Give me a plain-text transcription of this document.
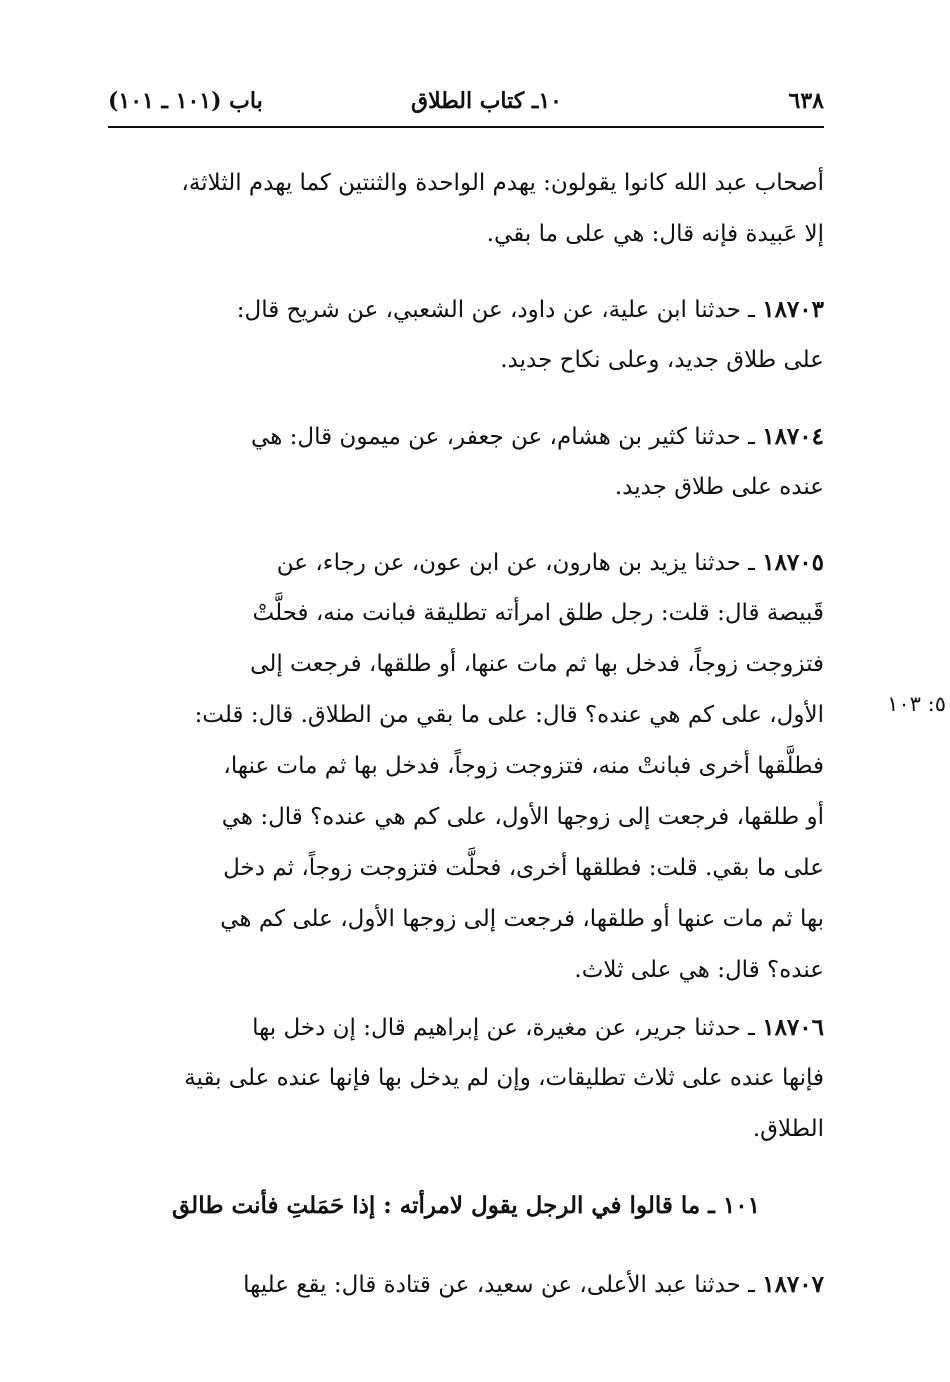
٦٣٨
١٠ـ كتاب الطلاق
باب (١٠١ ـ ١٠١)
٥: ١٠٣
أصحاب عبد الله كانوا يقولون: يهدم الواحدة والثنتين كما يهدم الثلاثة،
إلا عَبيدة فإنه قال: هي على ما بقي.
١٨٧٠٣ ـ حدثنا ابن علية، عن داود، عن الشعبي، عن شريح قال:
على طلاق جديد، وعلى نكاح جديد.
١٨٧٠٤ ـ حدثنا كثير بن هشام، عن جعفر، عن ميمون قال: هي
عنده على طلاق جديد.
١٨٧٠٥ ـ حدثنا يزيد بن هارون، عن ابن عون، عن رجاء، عن
قَبيصة قال: قلت: رجل طلق امرأته تطليقة فبانت منه، فحلَّتْ
فتزوجت زوجاً، فدخل بها ثم مات عنها، أو طلقها، فرجعت إلى
الأول، على كم هي عنده؟ قال: على ما بقي من الطلاق. قال: قلت:
فطلَّقها أخرى فبانتْ منه، فتزوجت زوجاً، فدخل بها ثم مات عنها،
أو طلقها، فرجعت إلى زوجها الأول، على كم هي عنده؟ قال: هي
على ما بقي. قلت: فطلقها أخرى، فحلَّت فتزوجت زوجاً، ثم دخل
بها ثم مات عنها أو طلقها، فرجعت إلى زوجها الأول، على كم هي
عنده؟ قال: هي على ثلاث.
١٨٧٠٦ ـ حدثنا جرير، عن مغيرة، عن إبراهيم قال: إن دخل بها
فإنها عنده على ثلاث تطليقات، وإن لم يدخل بها فإنها عنده على بقية
الطلاق.
١٠١ ـ ما قالوا في الرجل يقول لامرأته : إذا حَمَلتِ فأنت طالق
١٨٧٠٧ ـ حدثنا عبد الأعلى، عن سعيد، عن قتادة قال: يقع عليها
